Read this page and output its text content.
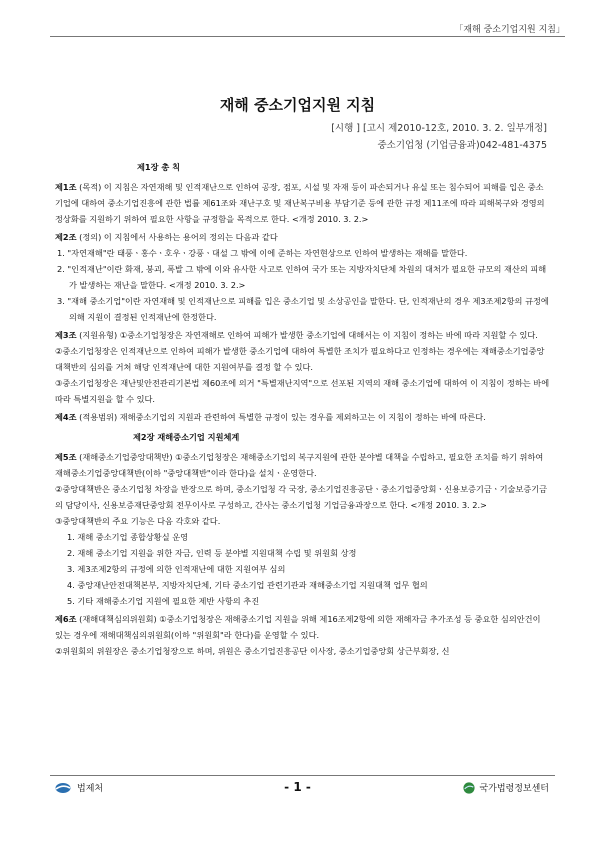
「재해 중소기업지원 지침」
재해 중소기업지원 지침
[시행 ] [고시 제2010-12호, 2010. 3. 2. 일부개정]
중소기업청 (기업금융과)042-481-4375
제1장 총 칙
제1조 (목적) 이 지침은 자연재해 및 인적재난으로 인하여 공장, 점포, 시설 및 자재 등이 파손되거나 유실 또는 침수되어 피해를 입은 중소기업에 대하여 중소기업진흥에 관한 법률 제61조와 재난구호 및 재난복구비용 부담기준 등에 관한 규정 제11조에 따라 피해복구와 경영의 정상화를 지원하기 위하여 필요한 사항을 규정함을 목적으로 한다. <개정 2010. 3. 2.>
제2조 (정의) 이 지침에서 사용하는 용어의 정의는 다음과 같다
1. "자연재해"란 태풍ㆍ홍수ㆍ호우ㆍ강풍ㆍ대설 그 밖에 이에 준하는 자연현상으로 인하여 발생하는 재해를 말한다.
2. "인적재난"이란 화재, 붕괴, 폭발 그 밖에 이와 유사한 사고로 인하여 국가 또는 지방자치단체 차원의 대처가 필요한 규모의 재산의 피해가 발생하는 재난을 말한다. <개정 2010. 3. 2.>
3. "재해 중소기업"이란 자연재해 및 인적재난으로 피해를 입은 중소기업 및 소상공인을 말한다. 단, 인적재난의 경우 제3조제2항의 규정에 의해 지원이 결정된 인적재난에 한정한다.
제3조 (지원유형) ①중소기업청장은 자연재해로 인하여 피해가 발생한 중소기업에 대해서는 이 지침이 정하는 바에 따라 지원할 수 있다.
②중소기업청장은 인적재난으로 인하여 피해가 발생한 중소기업에 대하여 특별한 조치가 필요하다고 인정하는 경우에는 재해중소기업중앙대책반의 심의를 거쳐 해당 인적재난에 대한 지원여부를 결정 할 수 있다.
③중소기업청장은 재난및안전관리기본법 제60조에 의거 "특별재난지역"으로 선포된 지역의 재해 중소기업에 대하여 이 지침이 정하는 바에 따라 특별지원을 할 수 있다.
제4조 (적용범위) 재해중소기업의 지원과 관련하여 특별한 규정이 있는 경우를 제외하고는 이 지침이 정하는 바에 따른다.
제2장 재해중소기업 지원체계
제5조 (재해중소기업중앙대책반) ①중소기업청장은 재해중소기업의 복구지원에 관한 분야별 대책을 수립하고, 필요한 조치를 하기 위하여 재해중소기업중앙대책반(이하 "중앙대책반"이라 한다)을 설치ㆍ운영한다.
②중앙대책반은 중소기업청 차장을 반장으로 하며, 중소기업청 각 국장, 중소기업진흥공단ㆍ중소기업중앙회ㆍ신용보증기금ㆍ기술보증기금의 담당이사, 신용보증재단중앙회 전무이사로 구성하고, 간사는 중소기업청 기업금융과장으로 한다. <개정 2010. 3. 2.>
③중앙대책반의 주요 기능은 다음 각호와 같다.
1. 재해 중소기업 종합상황실 운영
2. 재해 중소기업 지원을 위한 자금, 인력 등 분야별 지원대책 수립 및 위원회 상정
3. 제3조제2항의 규정에 의한 인적재난에 대한 지원여부 심의
4. 중앙재난안전대책본부, 지방자치단체, 기타 중소기업 관련기관과 재해중소기업 지원대책 업무 협의
5. 기타 재해중소기업 지원에 필요한 제반 사항의 추진
제6조 (재해대책심의위원회) ①중소기업청장은 재해중소기업 지원을 위해 제16조제2항에 의한 재해자금 추가조성 등 중요한 심의안건이 있는 경우에 재해대책심의위원회(이하 "위원회"라 한다)를 운영할 수 있다.
②위원회의 위원장은 중소기업청장으로 하며, 위원은 중소기업진흥공단 이사장, 중소기업중앙회 상근부회장, 신
법제처	- 1 -	국가법령정보센터
